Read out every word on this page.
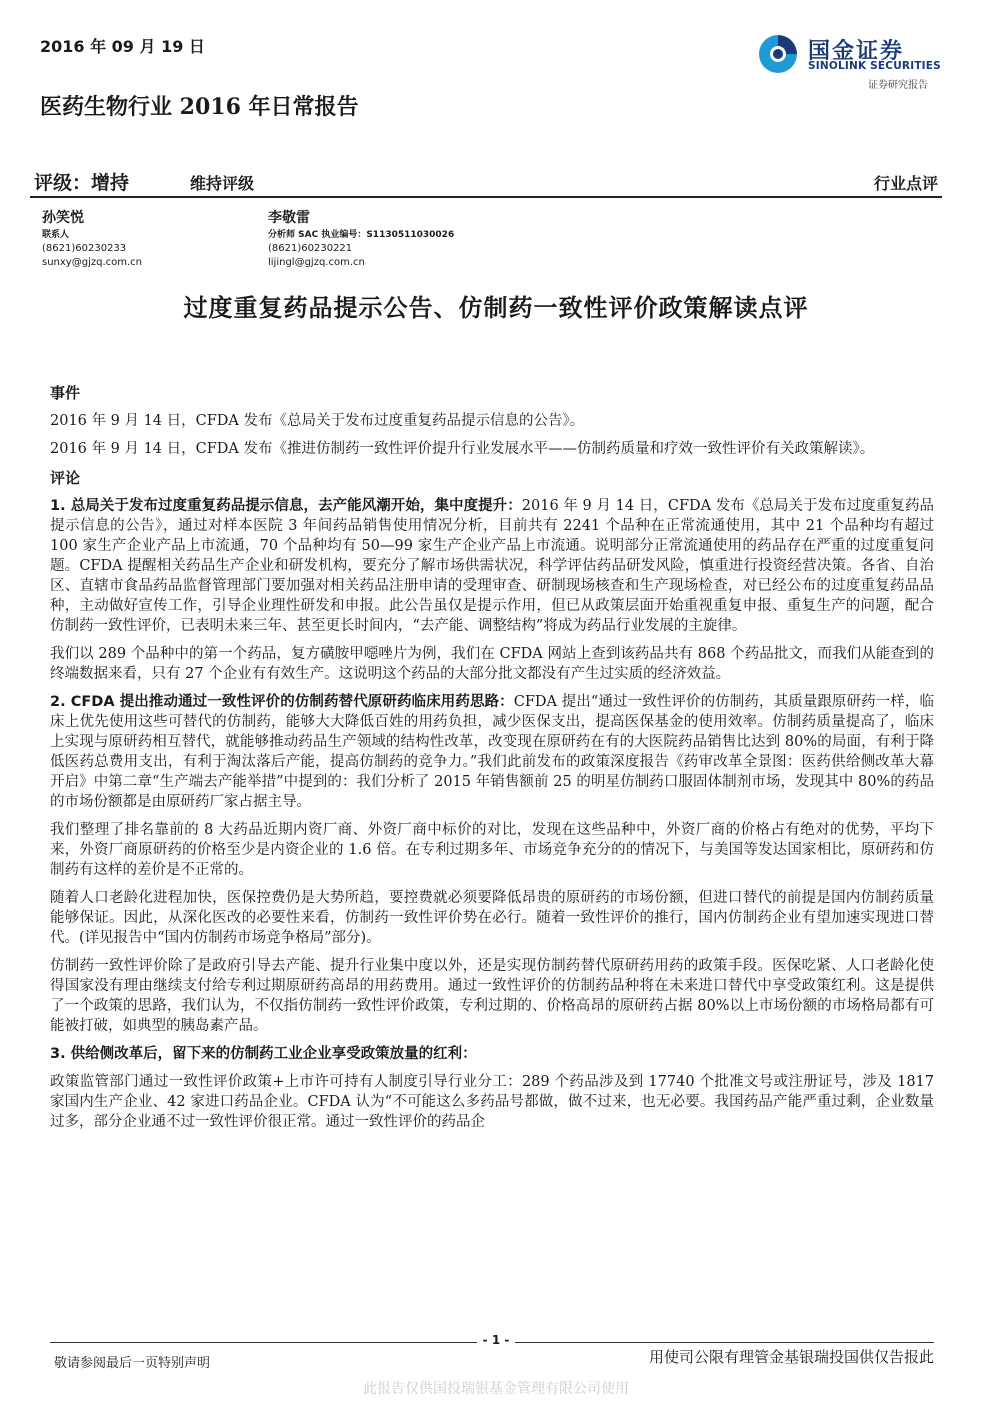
2016 年 09 月 19 日	国金证券
SINOLINK SECURITIES
证券研究报告
医药生物行业 2016 年日常报告
评级：增持	维持评级	行业点评
孙笑悦
联系人
(8621)60230233
sunxy@gjzq.com.cn
李敬雷
分析师 SAC 执业编号：S1130511030026
(8621)60230221
lijingl@gjzq.com.cn
过度重复药品提示公告、仿制药一致性评价政策解读点评
事件

2016 年 9 月 14 日，CFDA 发布《总局关于发布过度重复药品提示信息的公告》。

2016 年 9 月 14 日，CFDA 发布《推进仿制药一致性评价提升行业发展水平——仿制药质量和疗效一致性评价有关政策解读》。

评论

1. 总局关于发布过度重复药品提示信息，去产能风潮开始，集中度提升：2016 年 9 月 14 日，CFDA 发布《总局关于发布过度重复药品提示信息的公告》，通过对样本医院 3 年间药品销售使用情况分析，目前共有 2241 个品种在正常流通使用，其中 21 个品种均有超过 100 家生产企业产品上市流通，70 个品种均有 50—99 家生产企业产品上市流通。说明部分正常流通使用的药品存在严重的过度重复问题。CFDA 提醒相关药品生产企业和研发机构，要充分了解市场供需状况，科学评估药品研发风险，慎重进行投资经营决策。各省、自治区、直辖市食品药品监督管理部门要加强对相关药品注册申请的受理审查、研制现场核查和生产现场检查，对已经公布的过度重复药品品种，主动做好宣传工作，引导企业理性研发和申报。此公告虽仅是提示作用，但已从政策层面开始重视重复申报、重复生产的问题，配合仿制药一致性评价，已表明未来三年、甚至更长时间内，“去产能、调整结构”将成为药品行业发展的主旋律。

我们以 289 个品种中的第一个药品，复方磺胺甲噁唑片为例，我们在 CFDA 网站上查到该药品共有 868 个药品批文，而我们从能查到的终端数据来看，只有 27 个企业有有效生产。这说明这个药品的大部分批文都没有产生过实质的经济效益。

2. CFDA 提出推动通过一致性评价的仿制药替代原研药临床用药思路：CFDA 提出“通过一致性评价的仿制药，其质量跟原研药一样，临床上优先使用这些可替代的仿制药，能够大大降低百姓的用药负担，减少医保支出，提高医保基金的使用效率。仿制药质量提高了，临床上实现与原研药相互替代，就能够推动药品生产领域的结构性改革，改变现在原研药在有的大医院药品销售比达到 80%的局面，有利于降低医药总费用支出，有利于淘汰落后产能，提高仿制药的竞争力。”我们此前发布的政策深度报告《药审改革全景图：医药供给侧改革大幕开启》中第二章“生产端去产能举措”中提到的：我们分析了 2015 年销售额前 25 的明星仿制药口服固体制剂市场，发现其中 80%的药品的市场份额都是由原研药厂家占据主导。

我们整理了排名靠前的 8 大药品近期内资厂商、外资厂商中标价的对比，发现在这些品种中，外资厂商的价格占有绝对的优势，平均下来，外资厂商原研药的价格至少是内资企业的 1.6 倍。在专利过期多年、市场竞争充分的的情况下，与美国等发达国家相比，原研药和仿制药有这样的差价是不正常的。

随着人口老龄化进程加快，医保控费仍是大势所趋，要控费就必须要降低昂贵的原研药的市场份额，但进口替代的前提是国内仿制药质量能够保证。因此，从深化医改的必要性来看，仿制药一致性评价势在必行。随着一致性评价的推行，国内仿制药企业有望加速实现进口替代。(详见报告中“国内仿制药市场竞争格局”部分)。

仿制药一致性评价除了是政府引导去产能、提升行业集中度以外，还是实现仿制药替代原研药用药的政策手段。医保吃紧、人口老龄化使得国家没有理由继续支付给专利过期原研药高昂的用药费用。通过一致性评价的仿制药品种将在未来进口替代中享受政策红利。这是提供了一个政策的思路，我们认为，不仅指仿制药一致性评价政策，专利过期的、价格高昂的原研药占据 80%以上市场份额的市场格局都有可能被打破，如典型的胰岛素产品。

3. 供给侧改革后，留下来的仿制药工业企业享受政策放量的红利：

政策监管部门通过一致性评价政策+上市许可持有人制度引导行业分工：289 个药品涉及到 17740 个批准文号或注册证号，涉及 1817 家国内生产企业、42 家进口药品企业。CFDA 认为“不可能这么多药品号都做，做不过来，也无必要。我国药品产能严重过剩，企业数量过多，部分企业通不过一致性评价很正常。通过一致性评价的药品企

- 1 -
敬请参阅最后一页特别声明	用使司公限有理管金基银瑞投国供仅告报此
此报告仅供国投瑞银基金管理有限公司使用
